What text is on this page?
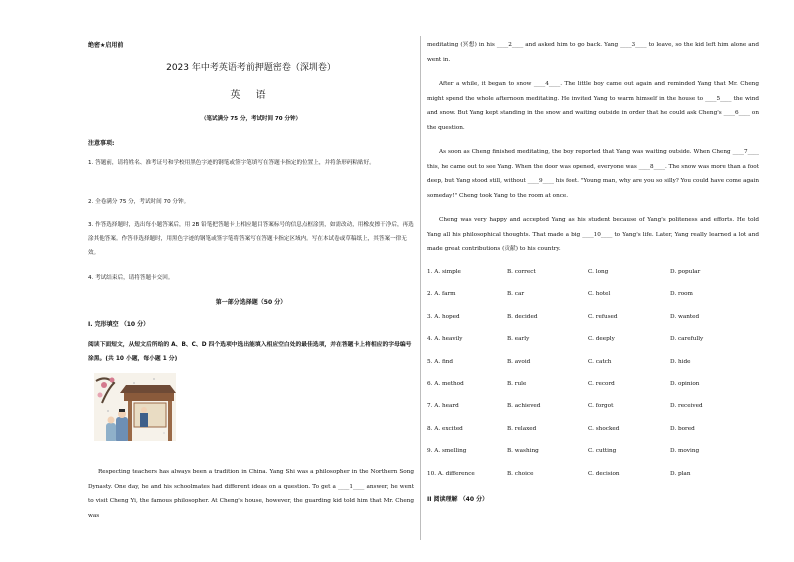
绝密★启用前
2023 年中考英语考前押题密卷（深圳卷）
英 语
（笔试满分 75 分，考试时间 70 分钟）
注意事项:
1. 答题前，请将姓名、准考证号和学校用黑色字迹的钢笔或签字笔填写在答题卡指定的位置上，并将条形码粘贴好。
2. 全卷满分 75 分，考试时间 70 分钟。
3. 作答选择题时，选出每小题答案后，用 2B 铅笔把答题卡上相应题目答案标号的信息点框涂黑，如需改动，用橡皮擦干净后，再选涂其他答案。作答非选择题时，用黑色字迹的钢笔或签字笔将答案写在答题卡指定区域内。写在本试卷或草稿纸上，其答案一律无效。
4. 考试结束后，请将答题卡交回。
第一部分选择题（50 分）
I. 完形填空 （10 分）
阅读下面短文，从短文后所给的 A、B、C、D 四个选项中选出能填入相应空白处的最佳选项，并在答题卡上将相应的字母编号涂黑。(共 10 小题，每小题 1 分)
Respecting teachers has always been a tradition in China. Yang Shi was a philosopher in the Northern Song Dynasty. One day, he and his schoolmates had different ideas on a question. To get a ____1____ answer, he went to visit Cheng Yi, the famous philosopher. At Cheng's house, however, the guarding kid told him that Mr. Cheng was
meditating (冥想) in his ____2____ and asked him to go back. Yang ____3____ to leave, so the kid left him alone and went in.
After a while, it began to snow ____4____. The little boy came out again and reminded Yang that Mr. Cheng might spend the whole afternoon meditating. He invited Yang to warm himself in the house to ____5____ the wind and snow. But Yang kept standing in the snow and waiting outside in order that he could ask Cheng's ____6____ on the question.
As soon as Cheng finished meditating, the boy reported that Yang was waiting outside. When Cheng ____7____ this, he came out to see Yang. When the door was opened, everyone was ____8____. The snow was more than a foot deep, but Yang stood still, without ____9____ his feet. "Young man, why are you so silly? You could have come again someday!" Cheng took Yang to the room at once.
Cheng was very happy and accepted Yang as his student because of Yang's politeness and efforts. He told Yang all his philosophical thoughts. That made a big ____10____ to Yang's life. Later, Yang really learned a lot and made great contributions (贡献) to his country.
1. A. simple	B. correct	C. long	D. popular
2. A. farm	B. car	C. hotel	D. room
3. A. hoped	B. decided	C. refused	D. wanted
4. A. heavily	B. early	C. deeply	D. carefully
5. A. find	B. avoid	C. catch	D. hide
6. A. method	B. rule	C. record	D. opinion
7. A. heard	B. achieved	C. forgot	D. received
8. A. excited	B. relaxed	C. shocked	D. bored
9. A. smelling	B. washing	C. cutting	D. moving
10. A. difference	B. choice	C. decision	D. plan
II 阅读理解 （40 分）
